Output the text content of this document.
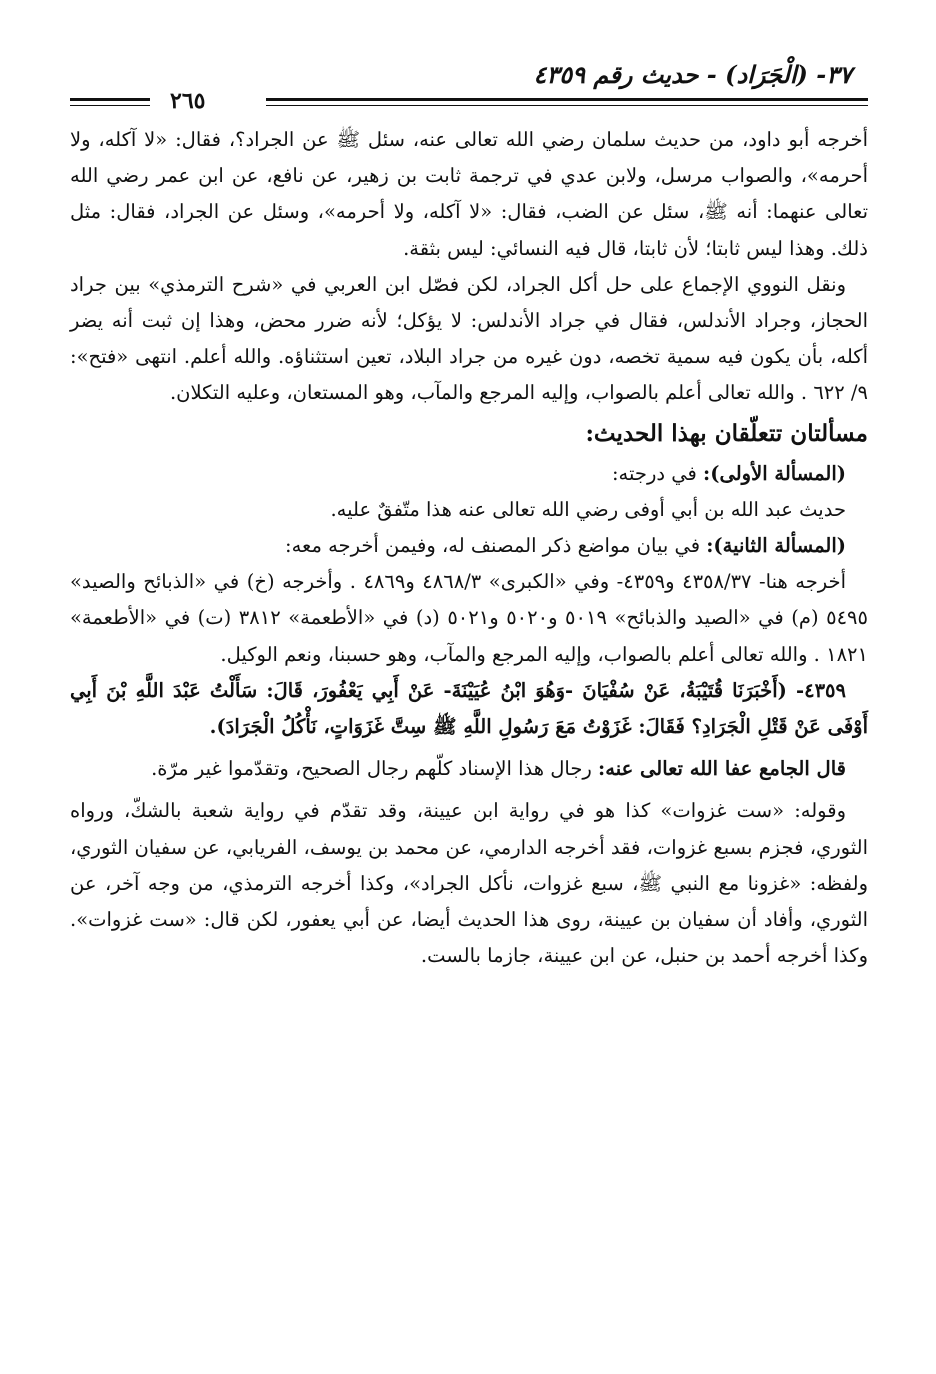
٣٧- (الْجَرَاد) - حديث رقم ٤٣٥٩
٢٦٥

أخرجه أبو داود، من حديث سلمان رضي الله تعالى عنه، سئل ﷺ عن الجراد؟، فقال: «لا آكله، ولا أحرمه»، والصواب مرسل، ولابن عدي في ترجمة ثابت بن زهير، عن نافع، عن ابن عمر رضي الله تعالى عنهما: أنه ﷺ، سئل عن الضب، فقال: «لا آكله، ولا أحرمه»، وسئل عن الجراد، فقال: مثل ذلك. وهذا ليس ثابتا؛ لأن ثابتا، قال فيه النسائي: ليس بثقة.

ونقل النووي الإجماع على حل أكل الجراد، لكن فصّل ابن العربي في «شرح الترمذي» بين جراد الحجاز، وجراد الأندلس، فقال في جراد الأندلس: لا يؤكل؛ لأنه ضرر محض، وهذا إن ثبت أنه يضر أكله، بأن يكون فيه سمية تخصه، دون غيره من جراد البلاد، تعين استثناؤه. والله أعلم. انتهى «فتح»: ٩/ ٦٢٢ . والله تعالى أعلم بالصواب، وإليه المرجع والمآب، وهو المستعان، وعليه التكلان.

مسألتان تتعلّقان بهذا الحديث:

(المسألة الأولى): في درجته:

حديث عبد الله بن أبي أوفى رضي الله تعالى عنه هذا متّفقٌ عليه.

(المسألة الثانية): في بيان مواضع ذكر المصنف له، وفيمن أخرجه معه:

أخرجه هنا- ٤٣٥٨/٣٧ و٤٣٥٩- وفي «الكبرى» ٤٨٦٨/٣ و٤٨٦٩ . وأخرجه (خ) في «الذبائح والصيد» ٥٤٩٥ (م) في «الصيد والذبائح» ٥٠١٩ و٥٠٢٠ و٥٠٢١ (د) في «الأطعمة» ٣٨١٢ (ت) في «الأطعمة» ١٨٢١ . والله تعالى أعلم بالصواب، وإليه المرجع والمآب، وهو حسبنا، ونعم الوكيل.

٤٣٥٩- (أَخْبَرَنَا قُتَيْبَةُ، عَنْ سُفْيَانَ -وَهُوَ ابْنُ عُيَيْنَةَ- عَنْ أَبِي يَعْفُورَ، قَالَ: سَأَلْتُ عَبْدَ اللَّهِ بْنَ أَبِي أَوْفَى عَنْ قَتْلِ الْجَرَادِ؟ فَقَالَ: غَزَوْتُ مَعَ رَسُولِ اللَّهِ ﷺ سِتَّ غَزَوَاتٍ، نَأْكُلُ الْجَرَادَ).

قال الجامع عفا الله تعالى عنه: رجال هذا الإسناد كلّهم رجال الصحيح، وتقدّموا غير مرّة.

وقوله: «ست غزوات» كذا هو في رواية ابن عيينة، وقد تقدّم في رواية شعبة بالشكّ، ورواه الثوري، فجزم بسبع غزوات، فقد أخرجه الدارمي، عن محمد بن يوسف، الفريابي، عن سفيان الثوري، ولفظه: «غزونا مع النبي ﷺ، سبع غزوات، نأكل الجراد»، وكذا أخرجه الترمذي، من وجه آخر، عن الثوري، وأفاد أن سفيان بن عيينة، روى هذا الحديث أيضا، عن أبي يعفور، لكن قال: «ست غزوات». وكذا أخرجه أحمد بن حنبل، عن ابن عيينة، جازما بالست.
